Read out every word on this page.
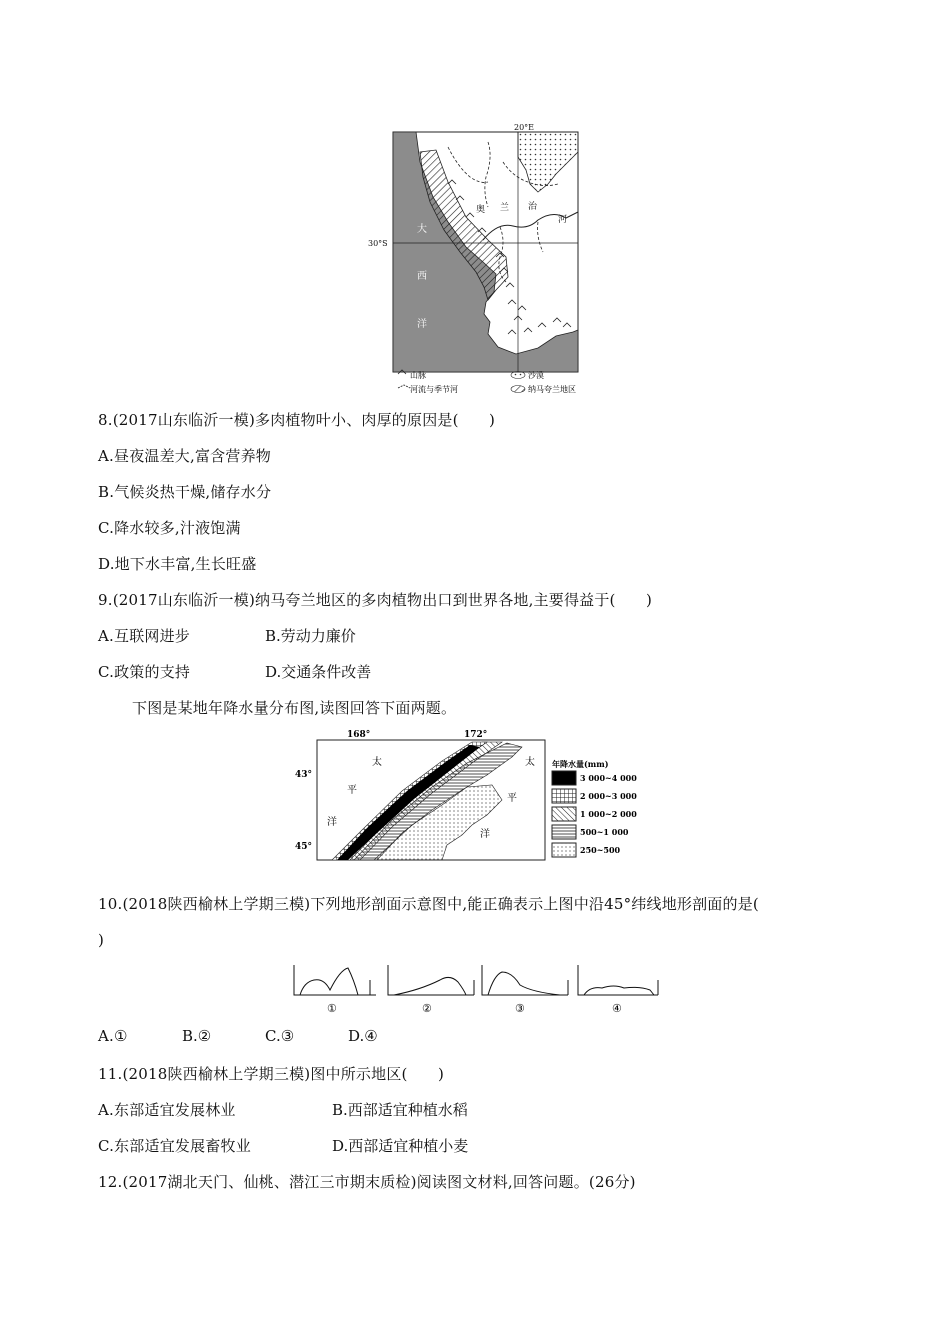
20°E
30°S
大
西
洋
奥 兰 治
河
山脉	沙漠
河流与季节河	纳马夸兰地区
8.(2017山东临沂一模)多肉植物叶小、肉厚的原因是(　　)
A.昼夜温差大,富含营养物
B.气候炎热干燥,储存水分
C.降水较多,汁液饱满
D.地下水丰富,生长旺盛
9.(2017山东临沂一模)纳马夸兰地区的多肉植物出口到世界各地,主要得益于(　　)
A.互联网进步	B.劳动力廉价
C.政策的支持	D.交通条件改善
下图是某地年降水量分布图,读图回答下面两题。
168°	172°
43°
45°
太
平
洋
太
平
洋
年降水量(mm)
3 000~4 000
2 000~3 000
1 000~2 000
500~1 000
250~500
10.(2018陕西榆林上学期三模)下列地形剖面示意图中,能正确表示上图中沿45°纬线地形剖面的是(
)
①	②	③	④
A.①	B.②	C.③	D.④
11.(2018陕西榆林上学期三模)图中所示地区(　　)
A.东部适宜发展林业	B.西部适宜种植水稻
C.东部适宜发展畜牧业	D.西部适宜种植小麦
12.(2017湖北天门、仙桃、潜江三市期末质检)阅读图文材料,回答问题。(26分)
